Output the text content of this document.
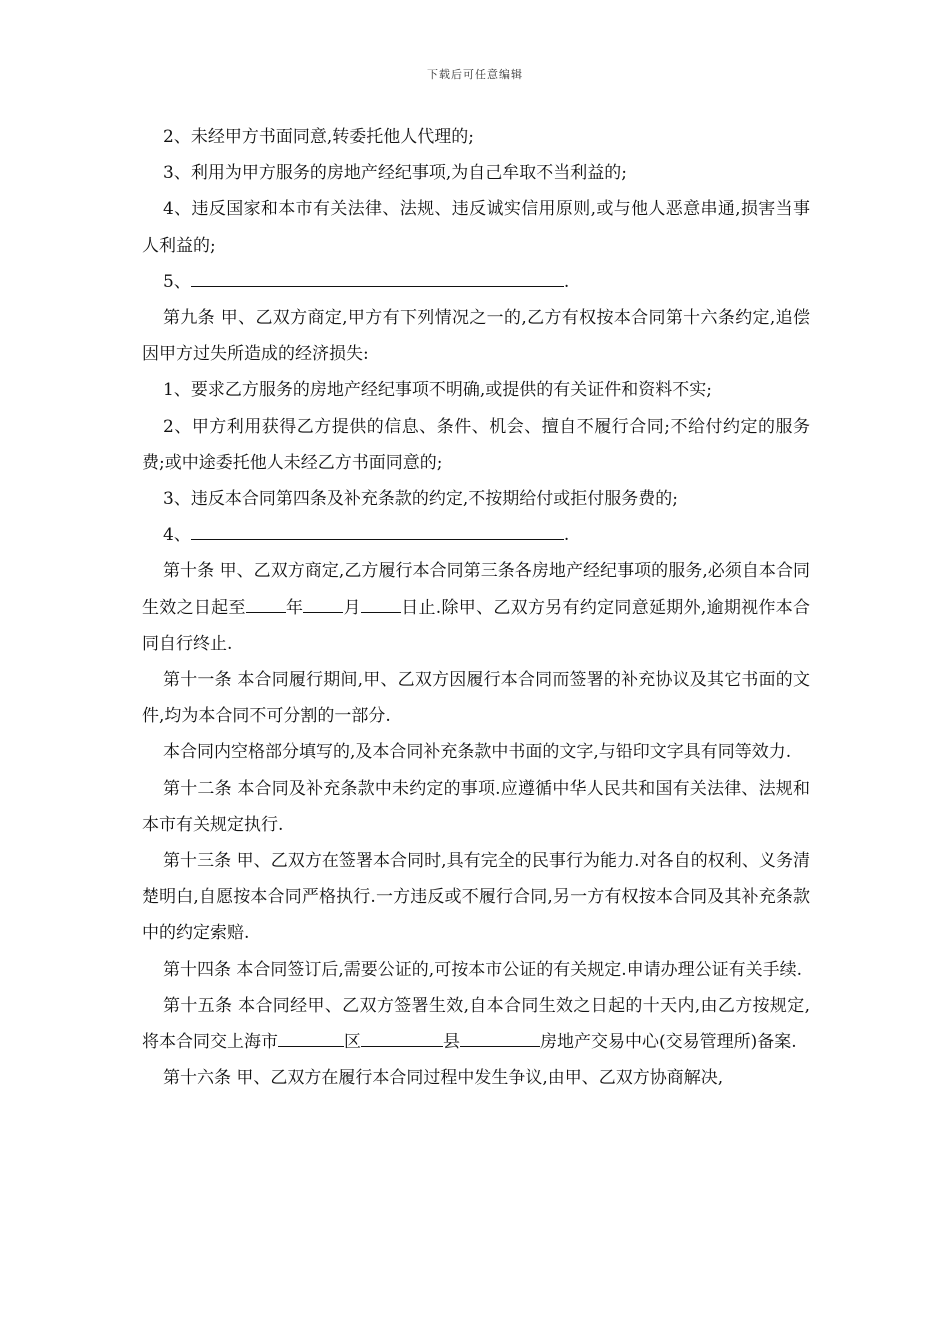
下载后可任意编辑

2、未经甲方书面同意,转委托他人代理的;

3、利用为甲方服务的房地产经纪事项,为自己牟取不当利益的;

4、违反国家和本市有关法律、法规、违反诚实信用原则,或与他人恶意串通,损害当事人利益的;

5、	.

第九条 甲、乙双方商定,甲方有下列情况之一的,乙方有权按本合同第十六条约定,追偿因甲方过失所造成的经济损失:

1、要求乙方服务的房地产经纪事项不明确,或提供的有关证件和资料不实;

2、甲方利用获得乙方提供的信息、条件、机会、擅自不履行合同;不给付约定的服务费;或中途委托他人未经乙方书面同意的;

3、违反本合同第四条及补充条款的约定,不按期给付或拒付服务费的;

4、	.

第十条 甲、乙双方商定,乙方履行本合同第三条各房地产经纪事项的服务,必须自本合同生效之日起至 年 月 日止.除甲、乙双方另有约定同意延期外,逾期视作本合同自行终止.

第十一条 本合同履行期间,甲、乙双方因履行本合同而签署的补充协议及其它书面的文件,均为本合同不可分割的一部分.

本合同内空格部分填写的,及本合同补充条款中书面的文字,与铅印文字具有同等效力.

第十二条 本合同及补充条款中未约定的事项.应遵循中华人民共和国有关法律、法规和本市有关规定执行.

第十三条 甲、乙双方在签署本合同时,具有完全的民事行为能力.对各自的权利、义务清楚明白,自愿按本合同严格执行.一方违反或不履行合同,另一方有权按本合同及其补充条款中的约定索赔.

第十四条 本合同签订后,需要公证的,可按本市公证的有关规定.申请办理公证有关手续.

第十五条 本合同经甲、乙双方签署生效,自本合同生效之日起的十天内,由乙方按规定,将本合同交上海市	区	县	房地产交易中心(交易管理所)备案.

第十六条 甲、乙双方在履行本合同过程中发生争议,由甲、乙双方协商解决,
